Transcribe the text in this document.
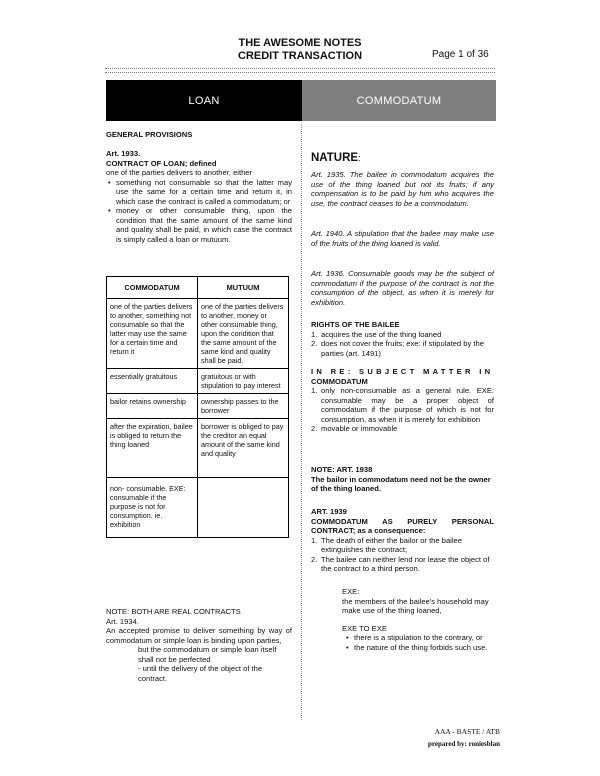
THE AWESOME NOTES
CREDIT TRANSACTION	Page 1 of 36
LOAN	COMMODATUM
GENERAL PROVISIONS
Art. 1933.
CONTRACT OF LOAN; defined
one of the parties delivers to another, either
• something not consumable so that the latter may use the same for a certain time and return it, in which case the contract is called a commodatum; or
• money or other consumable thing, upon the condition that the same amount of the same kind and quality shall be paid, in which case the contract is simply called a loan or mutuum.
COMMODATUM	MUTUUM
one of the parties delivers to another, something not consumable so that the latter may use the same for a certain time and return it	one of the parties delivers to another, money or other consumable thing, upon the condition that the same amount of the same kind and quality shall be paid.
essentially gratuitous	gratuitous or with stipulation to pay interest
bailor retains ownership	ownership passes to the borrower
after the expiration, bailee is obliged to return the thing loaned	borrower is obliged to pay the creditor an equal amount of the same kind and quality
non- consumable. EXE: consumable if the purpose is not for consumption. ie. exhibition	
NOTE: BOTH ARE REAL CONTRACTS
Art. 1934.
An accepted promise to deliver something by way of commodatum or simple loan is binding upon parties,
but the commodatum or simple loan itself shall not be perfected
- until the delivery of the object of the contract.
NATURE:
Art. 1935. The bailee in commodatum acquires the use of the thing loaned but not its fruits; if any compensation is to be paid by him who acquires the use, the contract ceases to be a commodatum.
Art. 1940. A stipulation that the bailee may make use of the fruits of the thing loaned is valid.
Art. 1936. Consumable goods may be the subject of commodatum if the purpose of the contract is not the consumption of the object, as when it is merely for exhibition.
RIGHTS OF THE BAILEE
1. acquires the use of the thing loaned
2. does not cover the fruits; exe: if stipulated by the parties (art. 1491)
IN RE: SUBJECT MATTER IN
COMMODATUM
1. only non-consumable as a general rule. EXE: consumable may be a proper object of commodatum if the purpose of which is not for consumption, as when it is merely for exhibition
2. movable or immovable
NOTE: ART. 1938
The bailor in commodatum need not be the owner of the thing loaned.
ART. 1939
COMMODATUM AS PURELY PERSONAL CONTRACT; as a consequence:
1. The death of either the bailor or the bailee extinguishes the contract;
2. The bailee can neither lend nor lease the object of the contract to a third person.
EXE:
the members of the bailee's household may make use of the thing loaned,
EXE TO EXE
• there is a stipulation to the contrary, or
• the nature of the thing forbids such use.
AAA - BASTE / ATB
prepared by: roniesblan
